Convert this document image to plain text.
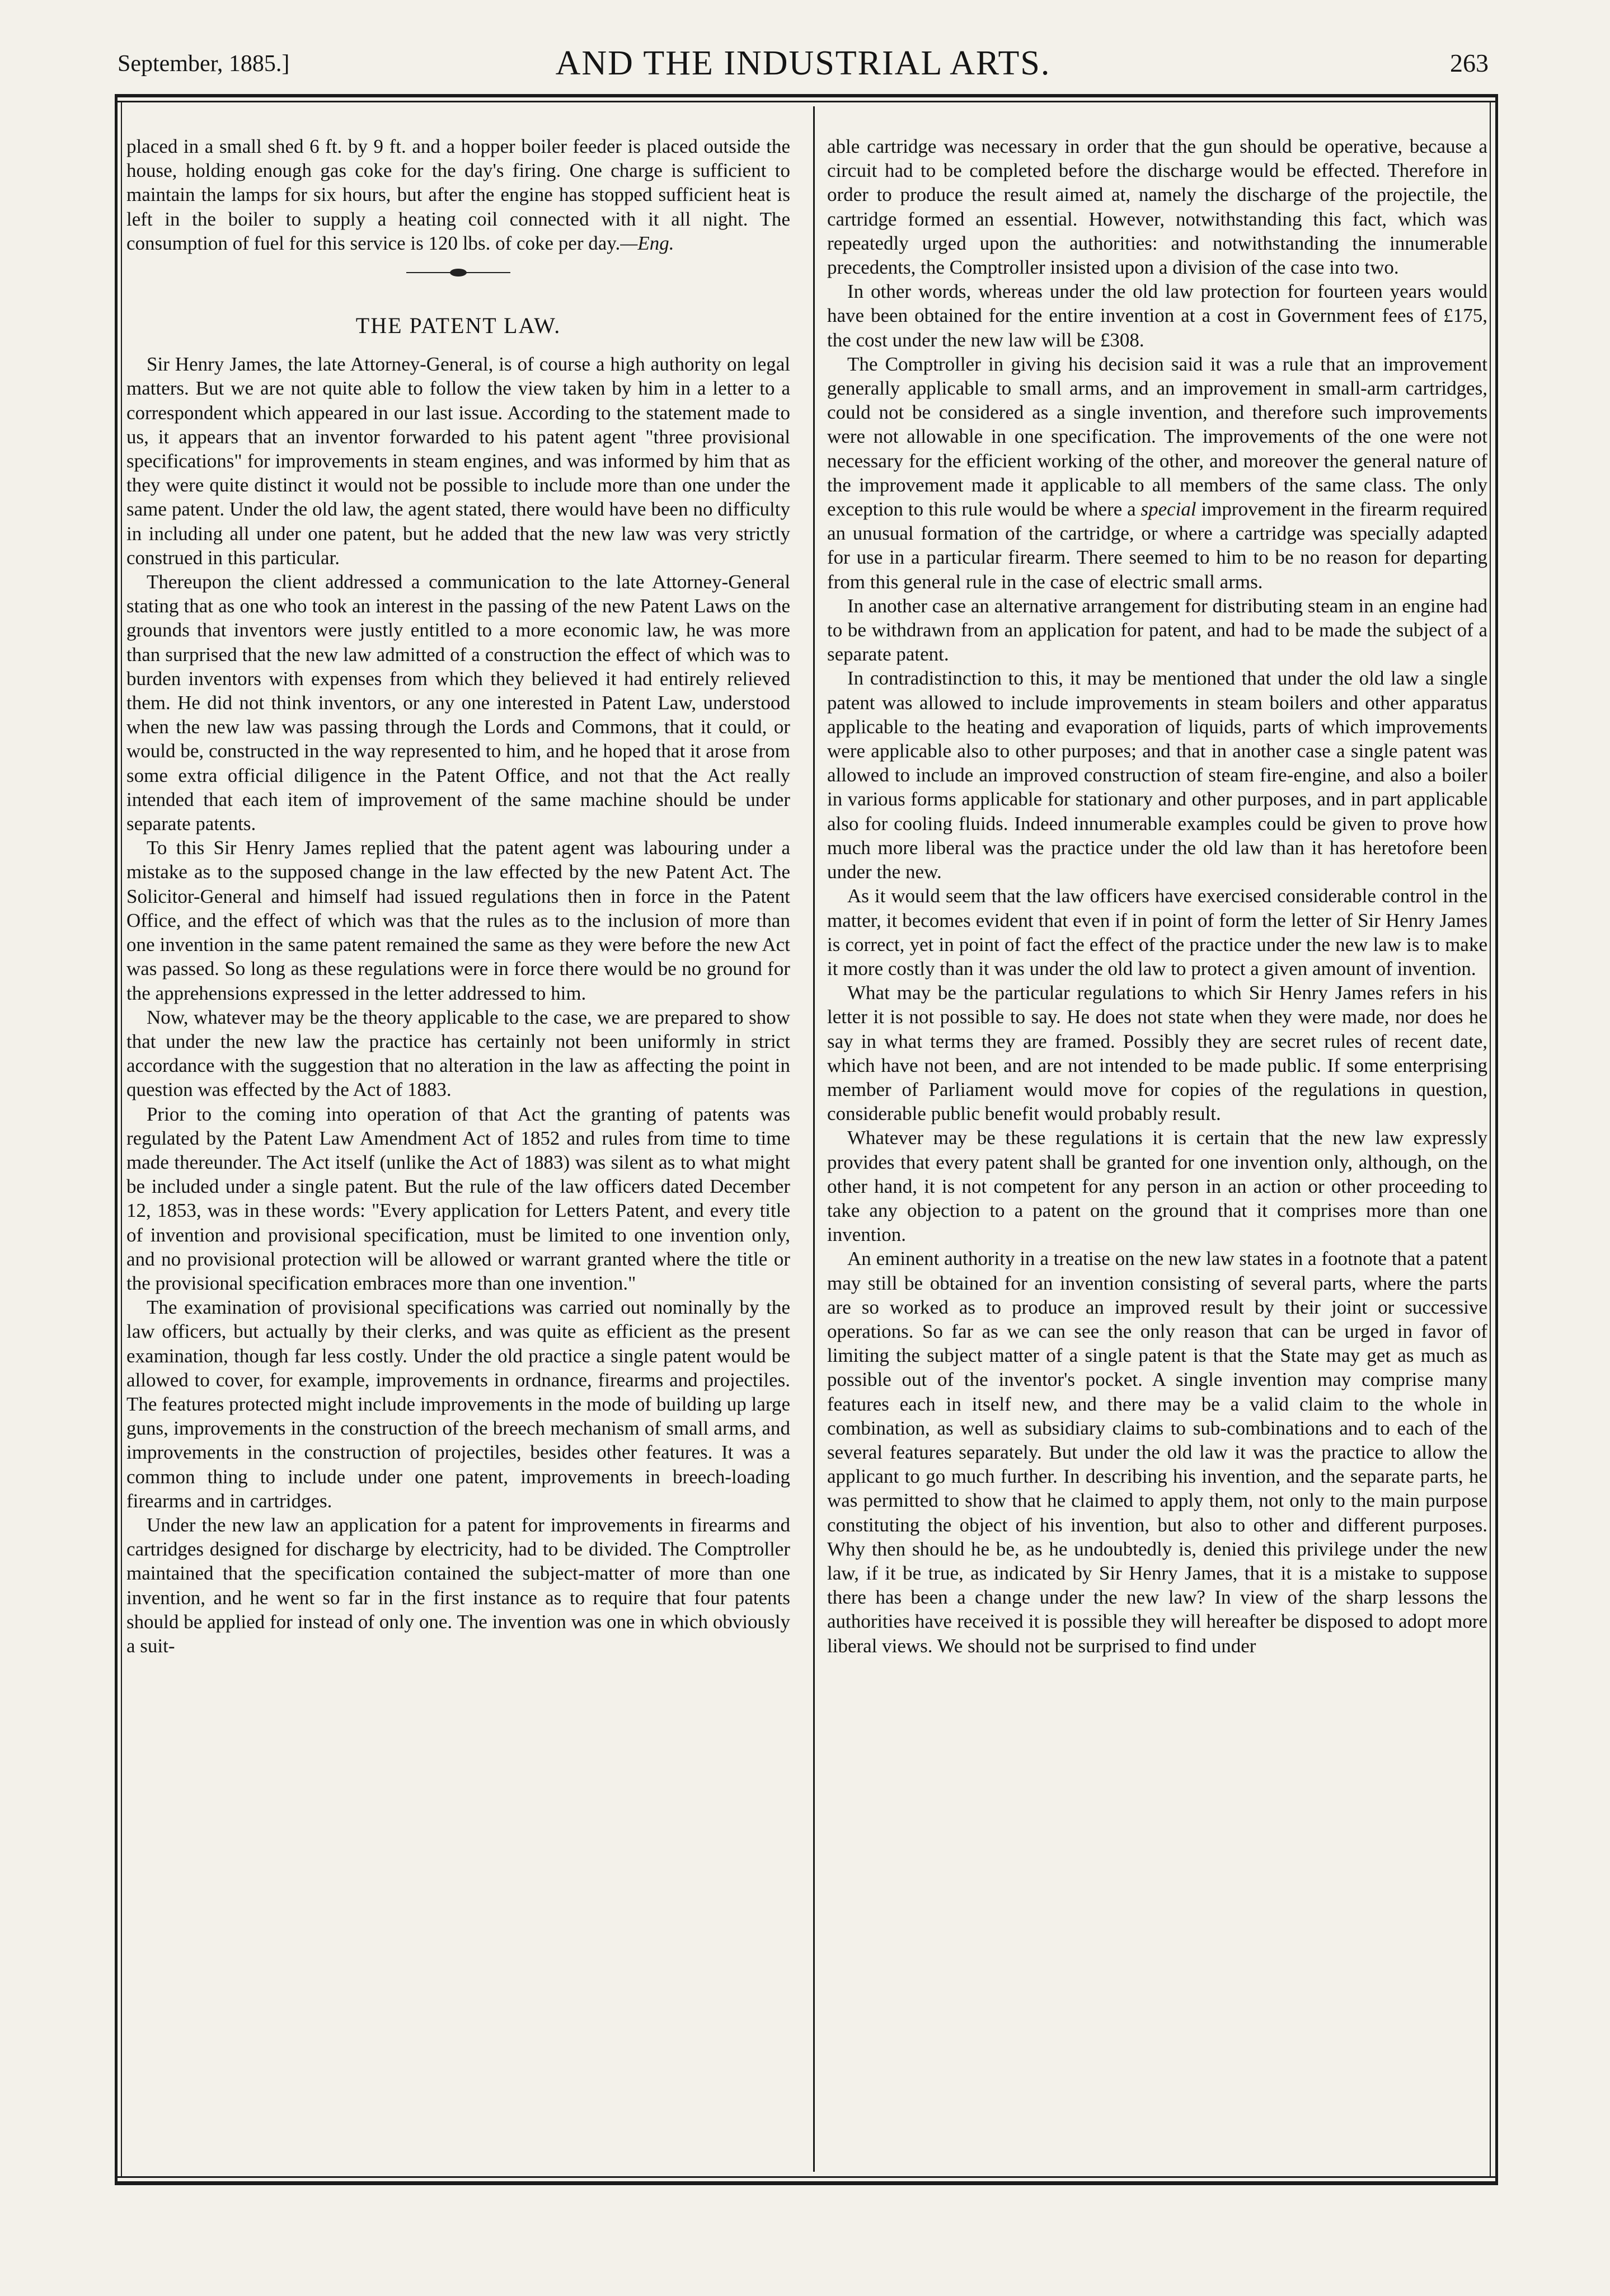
September, 1885.]	AND THE INDUSTRIAL ARTS.	263

placed in a small shed 6 ft. by 9 ft. and a hopper boiler feeder is placed outside the house, holding enough gas coke for the day's firing. One charge is sufficient to maintain the lamps for six hours, but after the engine has stopped sufficient heat is left in the boiler to supply a heating coil connected with it all night. The consumption of fuel for this service is 120 lbs. of coke per day.—Eng.

THE PATENT LAW.

Sir Henry James, the late Attorney-General, is of course a high authority on legal matters. But we are not quite able to follow the view taken by him in a letter to a correspondent which appeared in our last issue. According to the statement made to us, it appears that an inventor forwarded to his patent agent "three provisional specifications" for improvements in steam engines, and was informed by him that as they were quite distinct it would not be possible to include more than one under the same patent. Under the old law, the agent stated, there would have been no difficulty in including all under one patent, but he added that the new law was very strictly construed in this particular.

Thereupon the client addressed a communication to the late Attorney-General stating that as one who took an interest in the passing of the new Patent Laws on the grounds that inventors were justly entitled to a more economic law, he was more than surprised that the new law admitted of a construction the effect of which was to burden inventors with expenses from which they believed it had entirely relieved them. He did not think inventors, or any one interested in Patent Law, understood when the new law was passing through the Lords and Commons, that it could, or would be, constructed in the way represented to him, and he hoped that it arose from some extra official diligence in the Patent Office, and not that the Act really intended that each item of improvement of the same machine should be under separate patents.

To this Sir Henry James replied that the patent agent was labouring under a mistake as to the supposed change in the law effected by the new Patent Act. The Solicitor-General and himself had issued regulations then in force in the Patent Office, and the effect of which was that the rules as to the inclusion of more than one invention in the same patent remained the same as they were before the new Act was passed. So long as these regulations were in force there would be no ground for the apprehensions expressed in the letter addressed to him.

Now, whatever may be the theory applicable to the case, we are prepared to show that under the new law the practice has certainly not been uniformly in strict accordance with the suggestion that no alteration in the law as affecting the point in question was effected by the Act of 1883.

Prior to the coming into operation of that Act the granting of patents was regulated by the Patent Law Amendment Act of 1852 and rules from time to time made thereunder. The Act itself (unlike the Act of 1883) was silent as to what might be included under a single patent. But the rule of the law officers dated December 12, 1853, was in these words: "Every application for Letters Patent, and every title of invention and provisional specification, must be limited to one invention only, and no provisional protection will be allowed or warrant granted where the title or the provisional specification embraces more than one invention."

The examination of provisional specifications was carried out nominally by the law officers, but actually by their clerks, and was quite as efficient as the present examination, though far less costly. Under the old practice a single patent would be allowed to cover, for example, improvements in ordnance, firearms and projectiles. The features protected might include improvements in the mode of building up large guns, improvements in the construction of the breech mechanism of small arms, and improvements in the construction of projectiles, besides other features. It was a common thing to include under one patent, improvements in breech-loading firearms and in cartridges.

Under the new law an application for a patent for improvements in firearms and cartridges designed for discharge by electricity, had to be divided. The Comptroller maintained that the specification contained the subject-matter of more than one invention, and he went so far in the first instance as to require that four patents should be applied for instead of only one. The invention was one in which obviously a suit-

able cartridge was necessary in order that the gun should be operative, because a circuit had to be completed before the discharge would be effected. Therefore in order to produce the result aimed at, namely the discharge of the projectile, the cartridge formed an essential. However, notwithstanding this fact, which was repeatedly urged upon the authorities: and notwithstanding the innumerable precedents, the Comptroller insisted upon a division of the case into two.

In other words, whereas under the old law protection for fourteen years would have been obtained for the entire invention at a cost in Government fees of £175, the cost under the new law will be £308.

The Comptroller in giving his decision said it was a rule that an improvement generally applicable to small arms, and an improvement in small-arm cartridges, could not be considered as a single invention, and therefore such improvements were not allowable in one specification. The improvements of the one were not necessary for the efficient working of the other, and moreover the general nature of the improvement made it applicable to all members of the same class. The only exception to this rule would be where a special improvement in the firearm required an unusual formation of the cartridge, or where a cartridge was specially adapted for use in a particular firearm. There seemed to him to be no reason for departing from this general rule in the case of electric small arms.

In another case an alternative arrangement for distributing steam in an engine had to be withdrawn from an application for patent, and had to be made the subject of a separate patent.

In contradistinction to this, it may be mentioned that under the old law a single patent was allowed to include improvements in steam boilers and other apparatus applicable to the heating and evaporation of liquids, parts of which improvements were applicable also to other purposes; and that in another case a single patent was allowed to include an improved construction of steam fire-engine, and also a boiler in various forms applicable for stationary and other purposes, and in part applicable also for cooling fluids. Indeed innumerable examples could be given to prove how much more liberal was the practice under the old law than it has heretofore been under the new.

As it would seem that the law officers have exercised considerable control in the matter, it becomes evident that even if in point of form the letter of Sir Henry James is correct, yet in point of fact the effect of the practice under the new law is to make it more costly than it was under the old law to protect a given amount of invention.

What may be the particular regulations to which Sir Henry James refers in his letter it is not possible to say. He does not state when they were made, nor does he say in what terms they are framed. Possibly they are secret rules of recent date, which have not been, and are not intended to be made public. If some enterprising member of Parliament would move for copies of the regulations in question, considerable public benefit would probably result.

Whatever may be these regulations it is certain that the new law expressly provides that every patent shall be granted for one invention only, although, on the other hand, it is not competent for any person in an action or other proceeding to take any objection to a patent on the ground that it comprises more than one invention.

An eminent authority in a treatise on the new law states in a footnote that a patent may still be obtained for an invention consisting of several parts, where the parts are so worked as to produce an improved result by their joint or successive operations. So far as we can see the only reason that can be urged in favor of limiting the subject matter of a single patent is that the State may get as much as possible out of the inventor's pocket. A single invention may comprise many features each in itself new, and there may be a valid claim to the whole in combination, as well as subsidiary claims to sub-combinations and to each of the several features separately. But under the old law it was the practice to allow the applicant to go much further. In describing his invention, and the separate parts, he was permitted to show that he claimed to apply them, not only to the main purpose constituting the object of his invention, but also to other and different purposes. Why then should he be, as he undoubtedly is, denied this privilege under the new law, if it be true, as indicated by Sir Henry James, that it is a mistake to suppose there has been a change under the new law? In view of the sharp lessons the authorities have received it is possible they will hereafter be disposed to adopt more liberal views. We should not be surprised to find under
